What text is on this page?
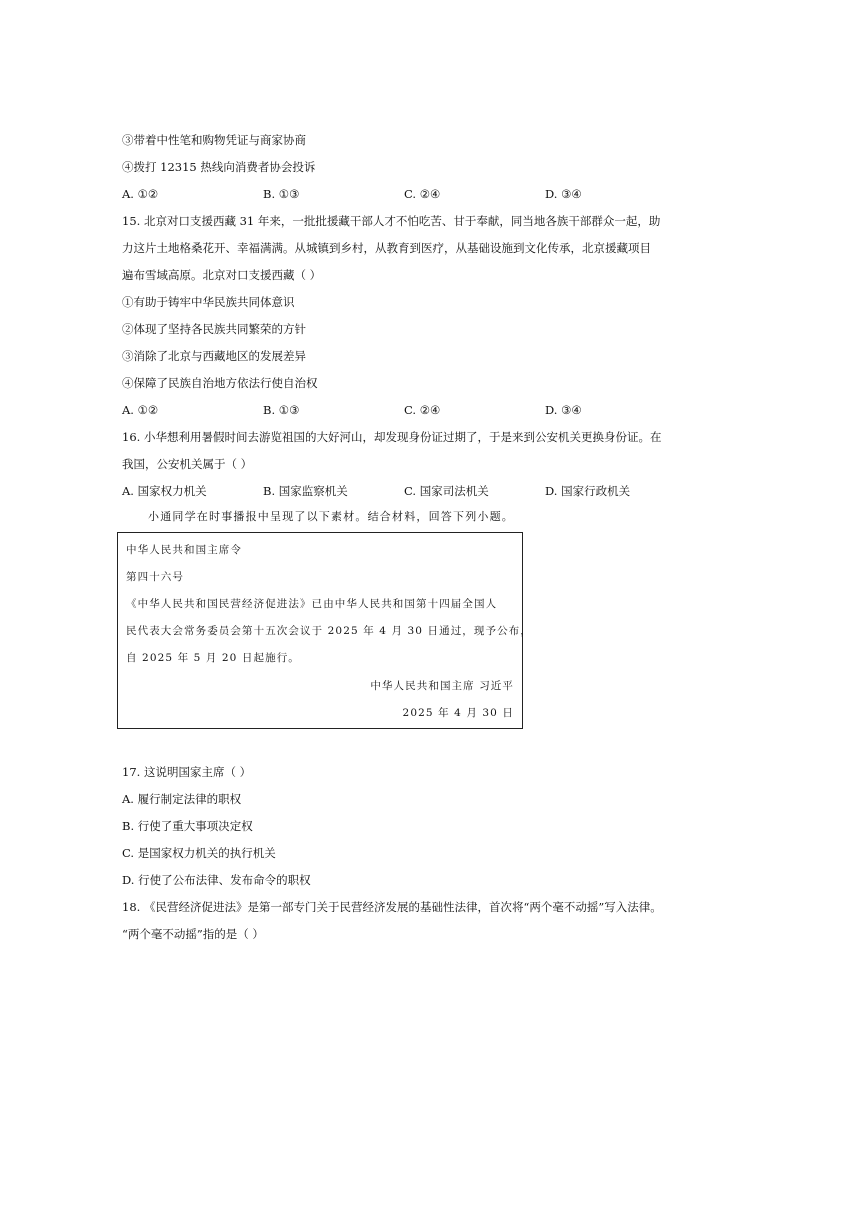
③带着中性笔和购物凭证与商家协商
④拨打 12315 热线向消费者协会投诉
A. ①②	B. ①③	C. ②④	D. ③④
15. 北京对口支援西藏 31 年来，一批批援藏干部人才不怕吃苦、甘于奉献，同当地各族干部群众一起，助
力这片土地格桑花开、幸福满满。从城镇到乡村，从教育到医疗，从基础设施到文化传承，北京援藏项目
遍布雪域高原。北京对口支援西藏（ ）
①有助于铸牢中华民族共同体意识
②体现了坚持各民族共同繁荣的方针
③消除了北京与西藏地区的发展差异
④保障了民族自治地方依法行使自治权
A. ①②	B. ①③	C. ②④	D. ③④
16. 小华想利用暑假时间去游览祖国的大好河山，却发现身份证过期了，于是来到公安机关更换身份证。在
我国，公安机关属于（ ）
A. 国家权力机关	B. 国家监察机关	C. 国家司法机关	D. 国家行政机关
小通同学在时事播报中呈现了以下素材。结合材料，回答下列小题。
中华人民共和国主席令
第四十六号
《中华人民共和国民营经济促进法》已由中华人民共和国第十四届全国人
民代表大会常务委员会第十五次会议于 2025 年 4 月 30 日通过，现予公布，
自 2025 年 5 月 20 日起施行。
中华人民共和国主席 习近平
2025 年 4 月 30 日
17. 这说明国家主席（ ）
A. 履行制定法律的职权
B. 行使了重大事项决定权
C. 是国家权力机关的执行机关
D. 行使了公布法律、发布命令的职权
18. 《民营经济促进法》是第一部专门关于民营经济发展的基础性法律，首次将“两个毫不动摇”写入法律。
“两个毫不动摇”指的是（ ）
